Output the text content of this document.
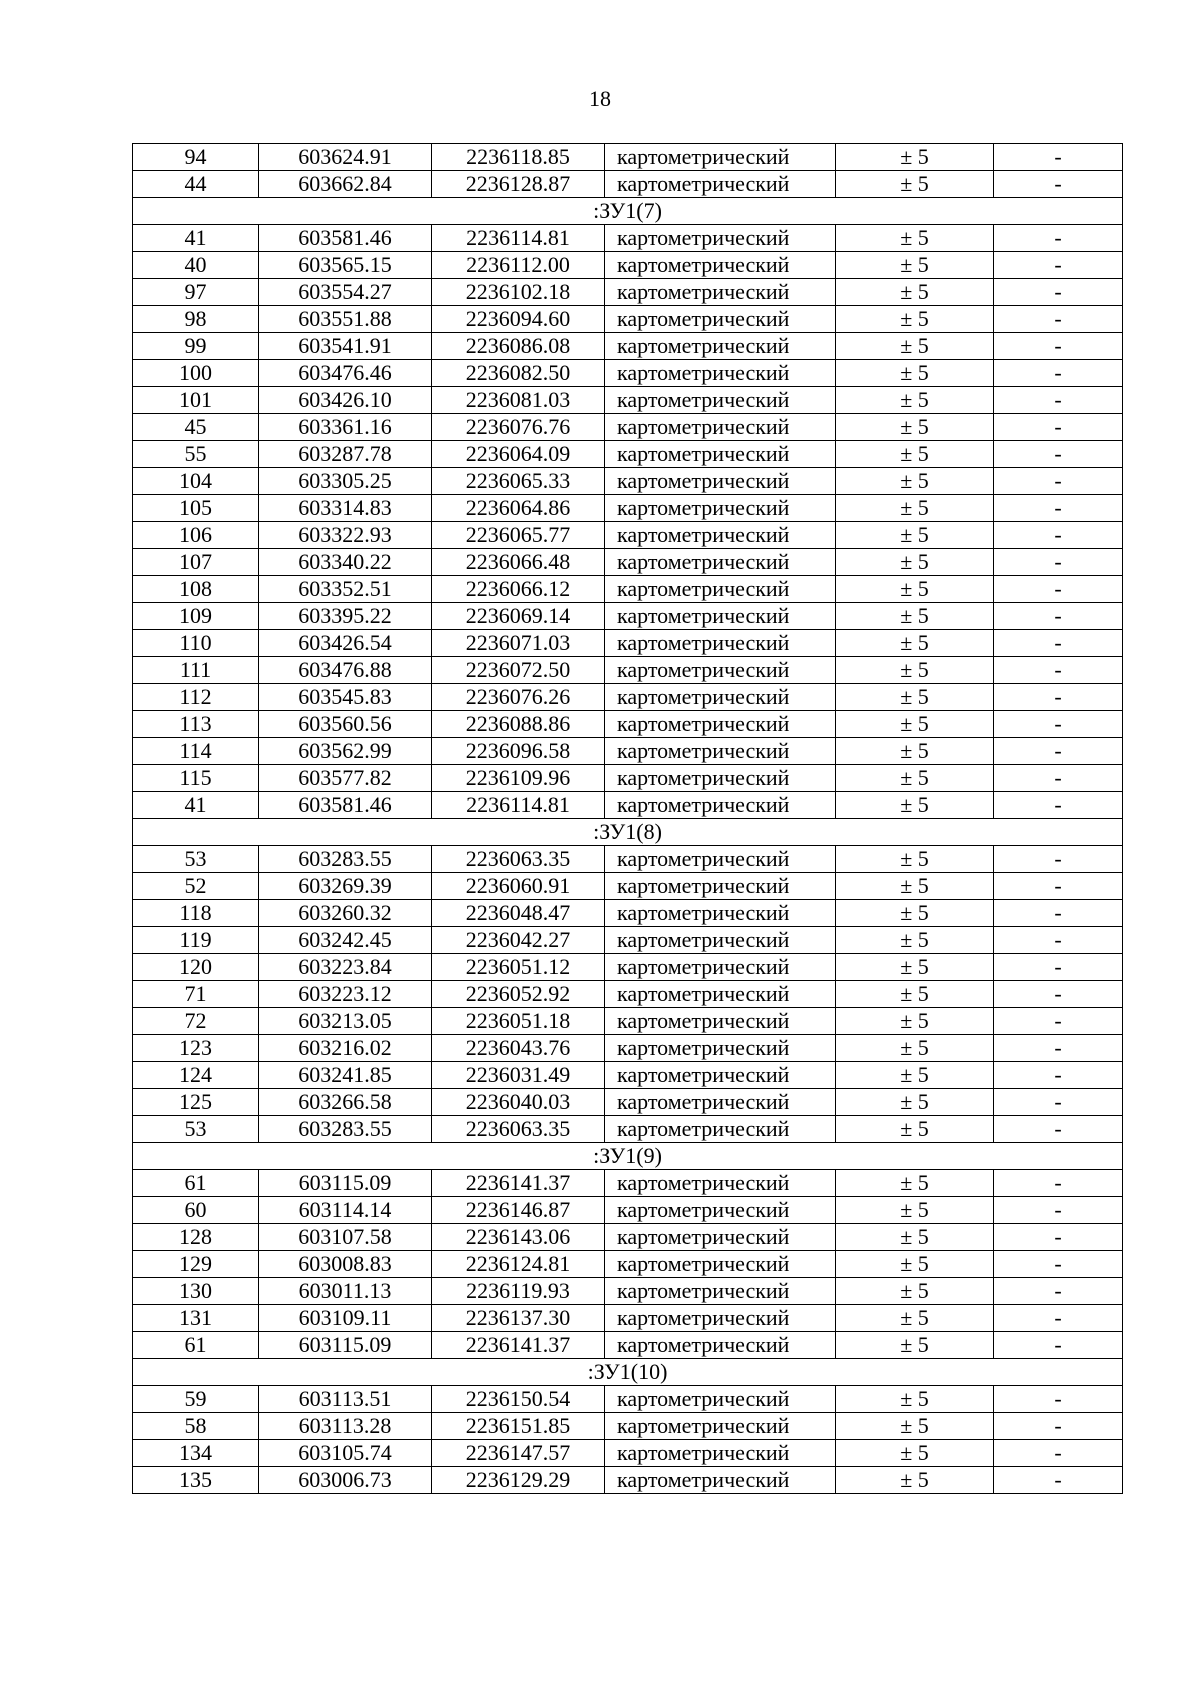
18
94	603624.91	2236118.85	картометрический	± 5	-
44	603662.84	2236128.87	картометрический	± 5	-
:ЗУ1(7)					
41	603581.46	2236114.81	картометрический	± 5	-
40	603565.15	2236112.00	картометрический	± 5	-
97	603554.27	2236102.18	картометрический	± 5	-
98	603551.88	2236094.60	картометрический	± 5	-
99	603541.91	2236086.08	картометрический	± 5	-
100	603476.46	2236082.50	картометрический	± 5	-
101	603426.10	2236081.03	картометрический	± 5	-
45	603361.16	2236076.76	картометрический	± 5	-
55	603287.78	2236064.09	картометрический	± 5	-
104	603305.25	2236065.33	картометрический	± 5	-
105	603314.83	2236064.86	картометрический	± 5	-
106	603322.93	2236065.77	картометрический	± 5	-
107	603340.22	2236066.48	картометрический	± 5	-
108	603352.51	2236066.12	картометрический	± 5	-
109	603395.22	2236069.14	картометрический	± 5	-
110	603426.54	2236071.03	картометрический	± 5	-
111	603476.88	2236072.50	картометрический	± 5	-
112	603545.83	2236076.26	картометрический	± 5	-
113	603560.56	2236088.86	картометрический	± 5	-
114	603562.99	2236096.58	картометрический	± 5	-
115	603577.82	2236109.96	картометрический	± 5	-
41	603581.46	2236114.81	картометрический	± 5	-
:ЗУ1(8)					
53	603283.55	2236063.35	картометрический	± 5	-
52	603269.39	2236060.91	картометрический	± 5	-
118	603260.32	2236048.47	картометрический	± 5	-
119	603242.45	2236042.27	картометрический	± 5	-
120	603223.84	2236051.12	картометрический	± 5	-
71	603223.12	2236052.92	картометрический	± 5	-
72	603213.05	2236051.18	картометрический	± 5	-
123	603216.02	2236043.76	картометрический	± 5	-
124	603241.85	2236031.49	картометрический	± 5	-
125	603266.58	2236040.03	картометрический	± 5	-
53	603283.55	2236063.35	картометрический	± 5	-
:ЗУ1(9)					
61	603115.09	2236141.37	картометрический	± 5	-
60	603114.14	2236146.87	картометрический	± 5	-
128	603107.58	2236143.06	картометрический	± 5	-
129	603008.83	2236124.81	картометрический	± 5	-
130	603011.13	2236119.93	картометрический	± 5	-
131	603109.11	2236137.30	картометрический	± 5	-
61	603115.09	2236141.37	картометрический	± 5	-
:ЗУ1(10)					
59	603113.51	2236150.54	картометрический	± 5	-
58	603113.28	2236151.85	картометрический	± 5	-
134	603105.74	2236147.57	картометрический	± 5	-
135	603006.73	2236129.29	картометрический	± 5	-
